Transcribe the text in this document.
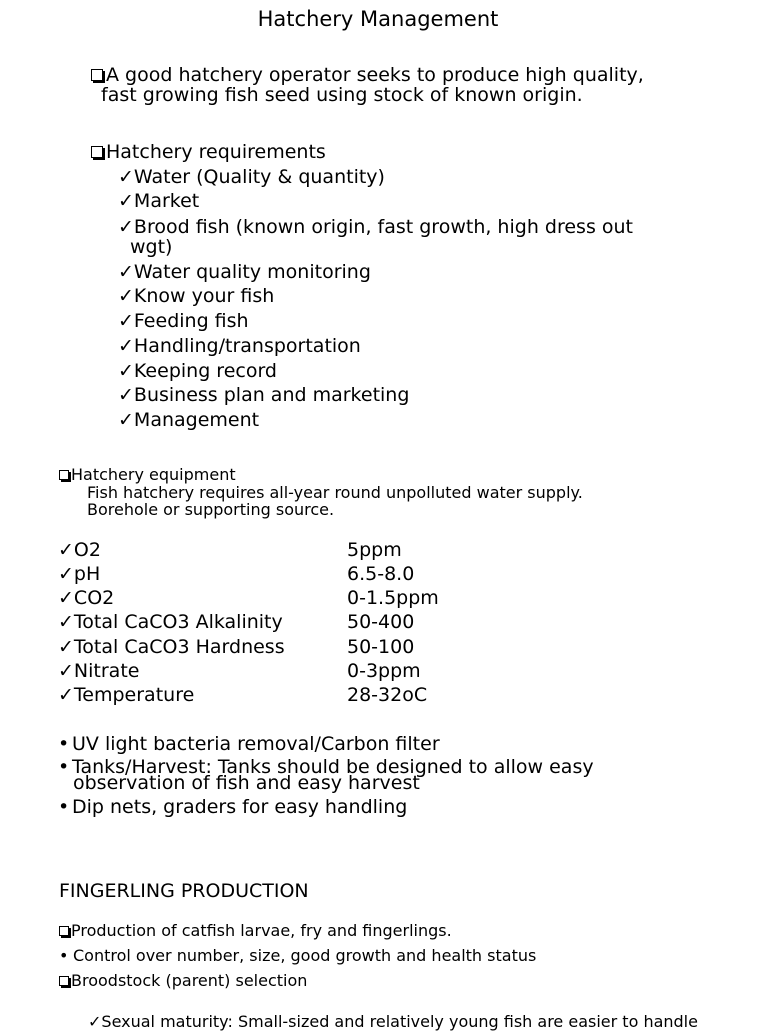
Hatchery Management
A good hatchery operator seeks to produce high quality,
fast growing fish seed using stock of known origin.
Hatchery requirements
✓Water (Quality & quantity)
✓Market
✓Brood fish (known origin, fast growth, high dress out
wgt)
✓Water quality monitoring
✓Know your fish
✓Feeding fish
✓Handling/transportation
✓Keeping record
✓Business plan and marketing
✓Management
Hatchery equipment
Fish hatchery requires all-year round unpolluted water supply.
Borehole or supporting source.
✓O2	5ppm
✓pH	6.5-8.0
✓CO2	0-1.5ppm
✓Total CaCO3 Alkalinity	50-400
✓Total CaCO3 Hardness	50-100
✓Nitrate	0-3ppm
✓Temperature	28-32oC
• UV light bacteria removal/Carbon filter
• Tanks/Harvest: Tanks should be designed to allow easy
observation of fish and easy harvest
• Dip nets, graders for easy handling
FINGERLING PRODUCTION
Production of catfish larvae, fry and fingerlings.
• Control over number, size, good growth and health status
Broodstock (parent) selection
✓Sexual maturity: Small-sized and relatively young fish are easier to handle
